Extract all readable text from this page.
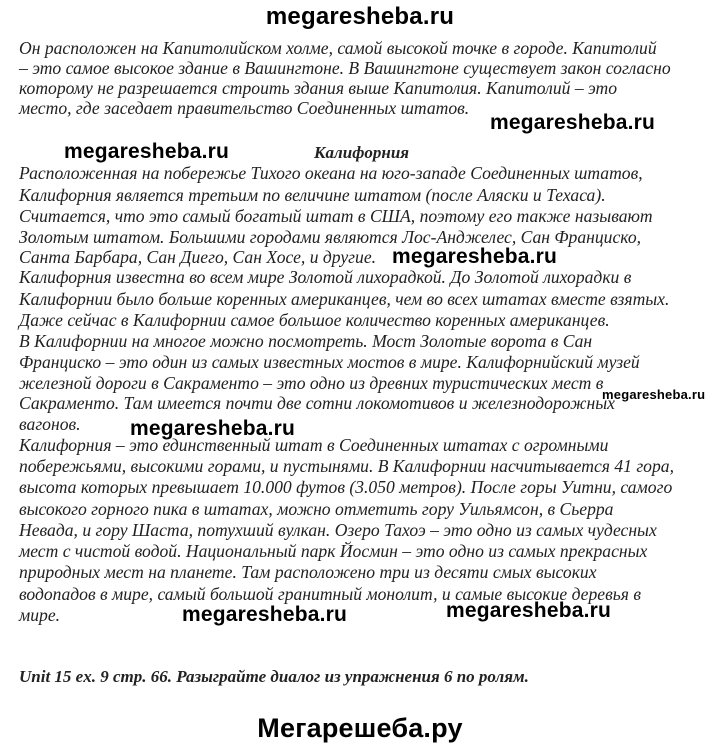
megaresheba.ru
Он расположен на Капитолийском холме, самой высокой точке в городе. Капитолий
– это самое высокое здание в Вашингтоне. В Вашингтоне существует закон согласно
которому не разрешается строить здания выше Капитолия. Капитолий – это
место, где заседает правительство Соединенных штатов.
megaresheba.ru
megaresheba.ru	Калифорния
Расположенная на побережье Тихого океана на юго-западе Соединенных штатов,
Калифорния является третьим по величине штатом (после Аляски и Техаса).
Считается, что это самый богатый штат в США, поэтому его также называют
Золотым штатом. Большими городами являются Лос-Анджелес, Сан Франциско,
Санта Барбара, Сан Диего, Сан Хосе, и другие. megaresheba.ru
Калифорния известна во всем мире Золотой лихорадкой. До Золотой лихорадки в
Калифорнии было больше коренных американцев, чем во всех штатах вместе взятых.
Даже сейчас в Калифорнии самое большое количество коренных американцев.
В Калифорнии на многое можно посмотреть. Мост Золотые ворота в Сан
Франциско – это один из самых известных мостов в мире. Калифорнийский музей
железной дороги в Сакраменто – это одно из древних туристических мест в
megaresheba.ru
Сакраменто. Там имеется почти две сотни локомотивов и железнодорожных
вагонов. megaresheba.ru
Калифорния – это единственный штат в Соединенных штатах с огромными
побережьями, высокими горами, и пустынями. В Калифорнии насчитывается 41 гора,
высота которых превышает 10.000 футов (3.050 метров). После горы Уитни, самого
высокого горного пика в штатах, можно отметить гору Уильямсон, в Сьерра
Невада, и гору Шаста, потухший вулкан. Озеро Тахоэ – это одно из самых чудесных
мест с чистой водой. Национальный парк Йосмин – это одно из самых прекрасных
природных мест на планете. Там расположено три из десяти смых высоких
водопадов в мире, самый большой гранитный монолит, и самые высокие деревья в
мире.	megaresheba.ru	megaresheba.ru
Unit 15 ex. 9 стр. 66. Разыграйте диалог из упражнения 6 по ролям.
Мегарешеба.ру
